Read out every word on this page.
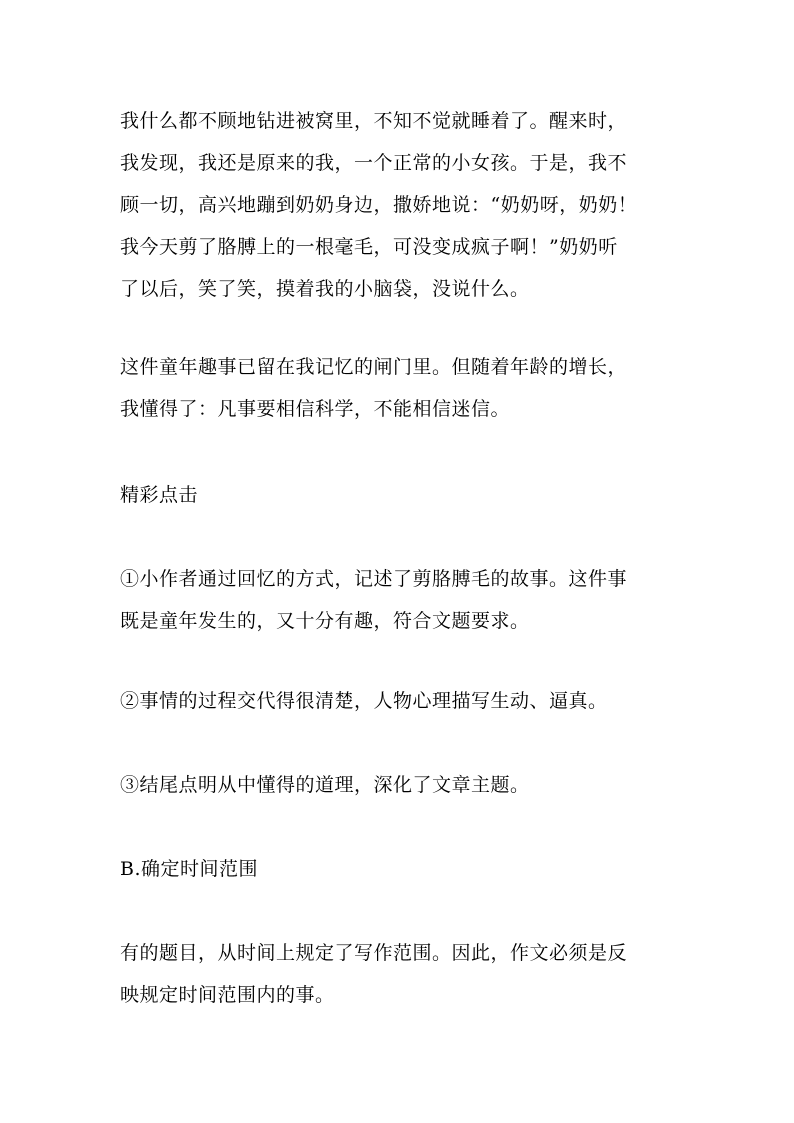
我什么都不顾地钻进被窝里，不知不觉就睡着了。醒来时，
我发现，我还是原来的我，一个正常的小女孩。于是，我不
顾一切，高兴地蹦到奶奶身边，撒娇地说：“奶奶呀，奶奶！
我今天剪了胳膊上的一根毫毛，可没变成疯子啊！”奶奶听
了以后，笑了笑，摸着我的小脑袋，没说什么。

这件童年趣事已留在我记忆的闸门里。但随着年龄的增长，
我懂得了：凡事要相信科学，不能相信迷信。

精彩点击

①小作者通过回忆的方式，记述了剪胳膊毛的故事。这件事
既是童年发生的，又十分有趣，符合文题要求。

②事情的过程交代得很清楚，人物心理描写生动、逼真。

③结尾点明从中懂得的道理，深化了文章主题。

B.确定时间范围

有的题目，从时间上规定了写作范围。因此，作文必须是反
映规定时间范围内的事。
